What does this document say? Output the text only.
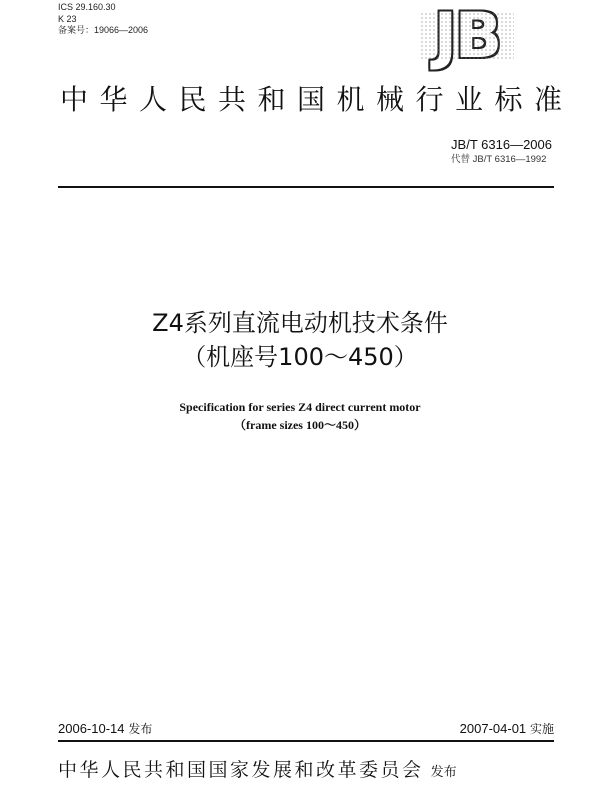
ICS 29.160.30
K 23
备案号：19066—2006	JB
中华人民共和国机械行业标准
JB/T 6316—2006
代替 JB/T 6316—1992
Z4系列直流电动机技术条件
（机座号100～450）
Specification for series Z4 direct current motor
（frame sizes 100～450）
2006-10-14 发布	2007-04-01 实施
中华人民共和国国家发展和改革委员会 发布
